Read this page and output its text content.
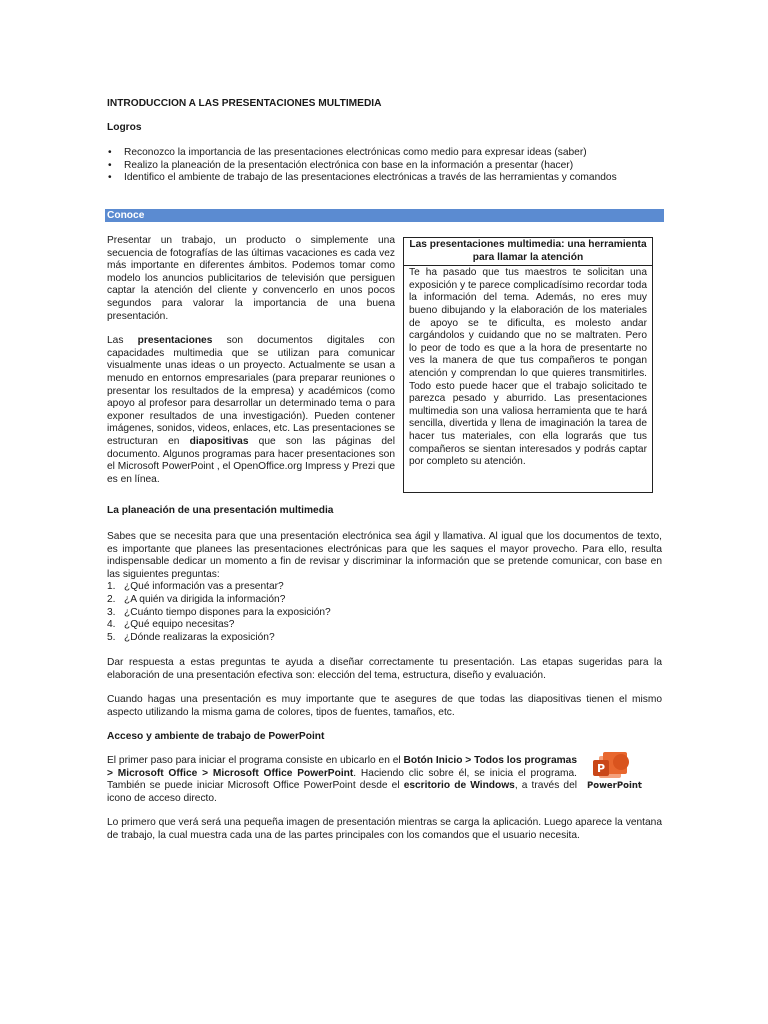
INTRODUCCION A LAS PRESENTACIONES MULTIMEDIA
Logros
• Reconozco la importancia de las presentaciones electrónicas como medio para expresar ideas (saber)
• Realizo la planeación de la presentación electrónica con base en la información a presentar (hacer)
• Identifico el ambiente de trabajo de las presentaciones electrónicas a través de las herramientas y comandos
Conoce

Presentar un trabajo, un producto o simplemente una secuencia de fotografías de las últimas vacaciones es cada vez más importante en diferentes ámbitos. Podemos tomar como modelo los anuncios publicitarios de televisión que persiguen captar la atención del cliente y convencerlo en unos pocos segundos para valorar la importancia de una buena presentación.

Las presentaciones son documentos digitales con capacidades multimedia que se utilizan para comunicar visualmente unas ideas o un proyecto. Actualmente se usan a menudo en entornos empresariales (para preparar reuniones o presentar los resultados de la empresa) y académicos (como apoyo al profesor para desarrollar un determinado tema o para exponer resultados de una investigación). Pueden contener imágenes, sonidos, videos, enlaces, etc. Las presentaciones se estructuran en diapositivas que son las páginas del documento. Algunos programas para hacer presentaciones son el Microsoft PowerPoint , el OpenOffice.org Impress y Prezi que es en línea.

Las presentaciones multimedia: una herramienta para llamar la atención
Te ha pasado que tus maestros te solicitan una exposición y te parece complicadísimo recordar toda la información del tema. Además, no eres muy bueno dibujando y la elaboración de los materiales de apoyo se te dificulta, es molesto andar cargándolos y cuidando que no se maltraten. Pero lo peor de todo es que a la hora de presentarte no ves la manera de que tus compañeros te pongan atención y comprendan lo que quieres transmitirles. Todo esto puede hacer que el trabajo solicitado te parezca pesado y aburrido. Las presentaciones multimedia son una valiosa herramienta que te hará sencilla, divertida y llena de imaginación la tarea de hacer tus materiales, con ella lograrás que tus compañeros se sientan interesados y podrás captar por completo su atención.
La planeación de una presentación multimedia
Sabes que se necesita para que una presentación electrónica sea ágil y llamativa. Al igual que los documentos de texto, es importante que planees las presentaciones electrónicas para que les saques el mayor provecho. Para ello, resulta indispensable dedicar un momento a fin de revisar y discriminar la información que se pretende comunicar, con base en las siguientes preguntas:
1. ¿Qué información vas a presentar?
2. ¿A quién va dirigida la información?
3. ¿Cuánto tiempo dispones para la exposición?
4. ¿Qué equipo necesitas?
5. ¿Dónde realizaras la exposición?
Dar respuesta a estas preguntas te ayuda a diseñar correctamente tu presentación. Las etapas sugeridas para la elaboración de una presentación efectiva son: elección del tema, estructura, diseño y evaluación.
Cuando hagas una presentación es muy importante que te asegures de que todas las diapositivas tienen el mismo aspecto utilizando la misma gama de colores, tipos de fuentes, tamaños, etc.
Acceso y ambiente de trabajo de PowerPoint
El primer paso para iniciar el programa consiste en ubicarlo en el Botón Inicio > Todos los programas > Microsoft Office > Microsoft Office PowerPoint. Haciendo clic sobre él, se inicia el programa. También se puede iniciar Microsoft Office PowerPoint desde el escritorio de Windows, a través del icono de acceso directo.
P
PowerPoint
Lo primero que verá será una pequeña imagen de presentación mientras se carga la aplicación. Luego aparece la ventana de trabajo, la cual muestra cada una de las partes principales con los comandos que el usuario necesita.
